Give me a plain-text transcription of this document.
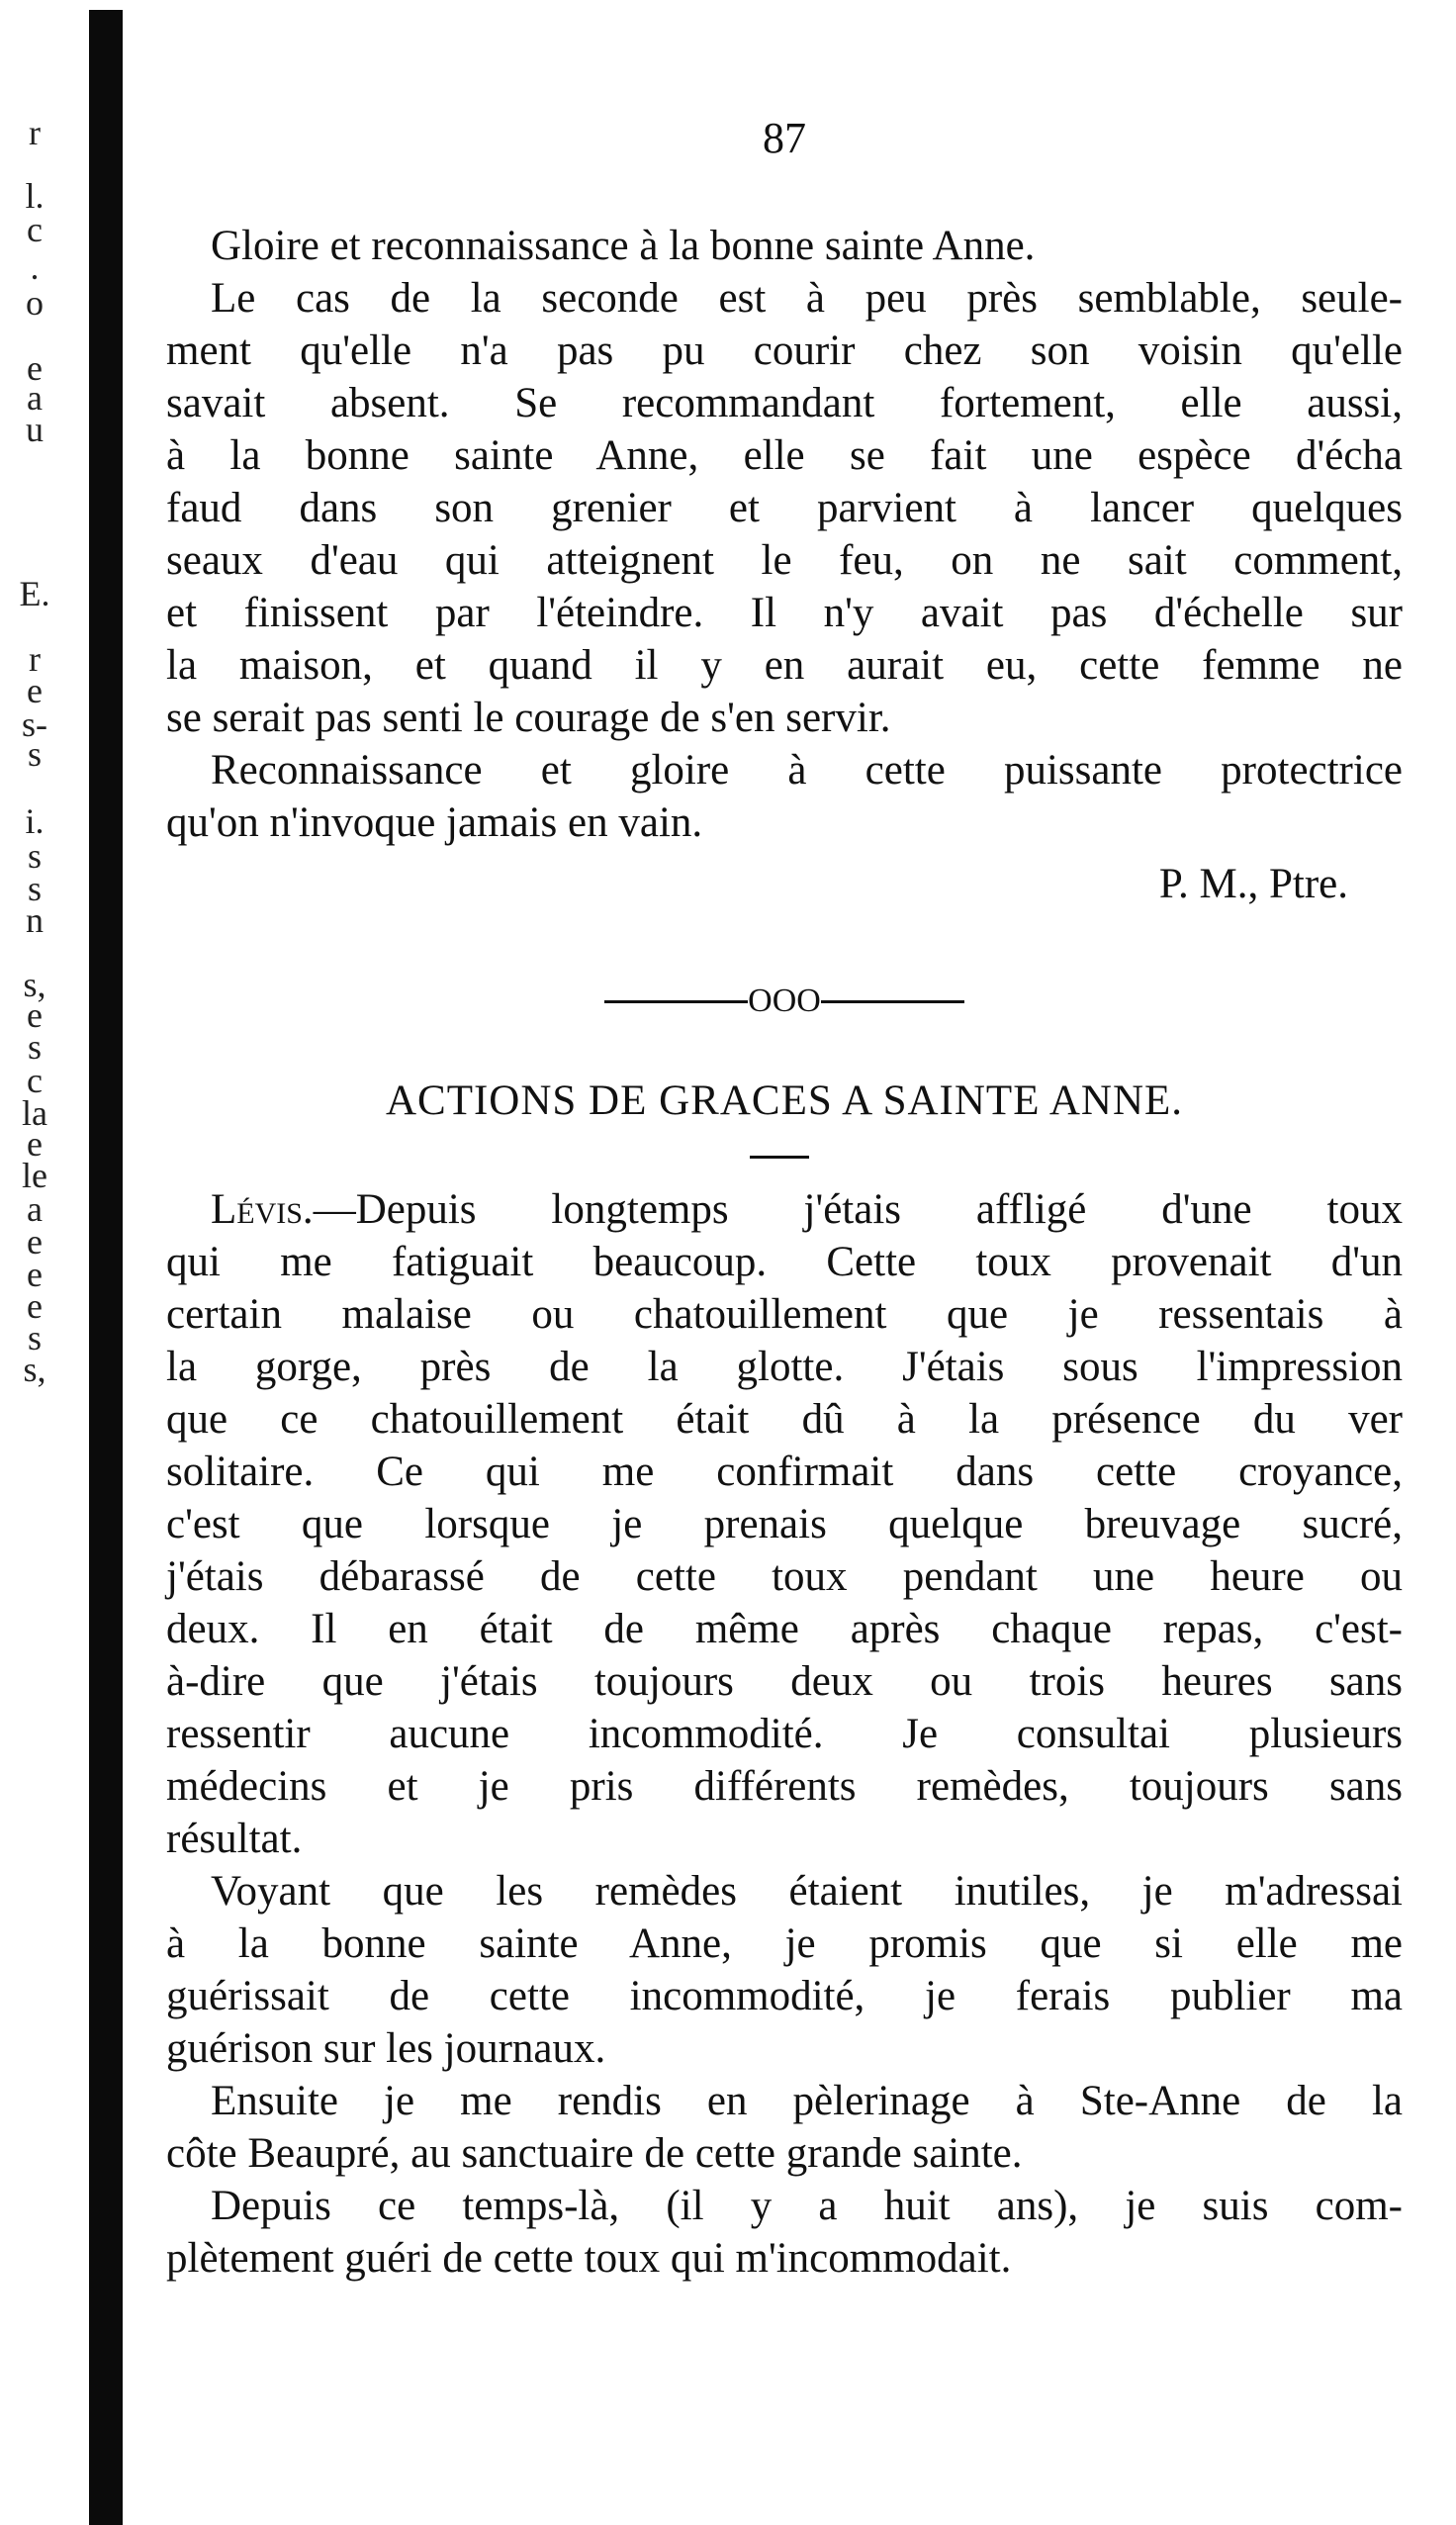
r
l.
c
.
o
e
a
u
E.
r
e
s-
s
i.
s
s
n
s,
e
s
c
la
e
le
a
e
e
e
s
s,
87
Gloire et reconnaissance à la bonne sainte Anne.
Le cas de la seconde est à peu près semblable, seule-
ment qu'elle n'a pas pu courir chez son voisin qu'elle
savait absent. Se recommandant fortement, elle aussi,
à la bonne sainte Anne, elle se fait une espèce d'écha
faud dans son grenier et parvient à lancer quelques
seaux d'eau qui atteignent le feu, on ne sait comment,
et finissent par l'éteindre. Il n'y avait pas d'échelle sur
la maison, et quand il y en aurait eu, cette femme ne
se serait pas senti le courage de s'en servir.
Reconnaissance et gloire à cette puissante protectrice
qu'on n'invoque jamais en vain.
P. M., Ptre.
OOO
ACTIONS DE GRACES A SAINTE ANNE.
Lévis.—Depuis longtemps j'étais affligé d'une toux
qui me fatiguait beaucoup. Cette toux provenait d'un
certain malaise ou chatouillement que je ressentais à
la gorge, près de la glotte. J'étais sous l'impression
que ce chatouillement était dû à la présence du ver
solitaire. Ce qui me confirmait dans cette croyance,
c'est que lorsque je prenais quelque breuvage sucré,
j'étais débarassé de cette toux pendant une heure ou
deux. Il en était de même après chaque repas, c'est-
à-dire que j'étais toujours deux ou trois heures sans
ressentir aucune incommodité. Je consultai plusieurs
médecins et je pris différents remèdes, toujours sans
résultat.
Voyant que les remèdes étaient inutiles, je m'adressai
à la bonne sainte Anne, je promis que si elle me
guérissait de cette incommodité, je ferais publier ma
guérison sur les journaux.
Ensuite je me rendis en pèlerinage à Ste-Anne de la
côte Beaupré, au sanctuaire de cette grande sainte.
Depuis ce temps-là, (il y a huit ans), je suis com-
plètement guéri de cette toux qui m'incommodait.
